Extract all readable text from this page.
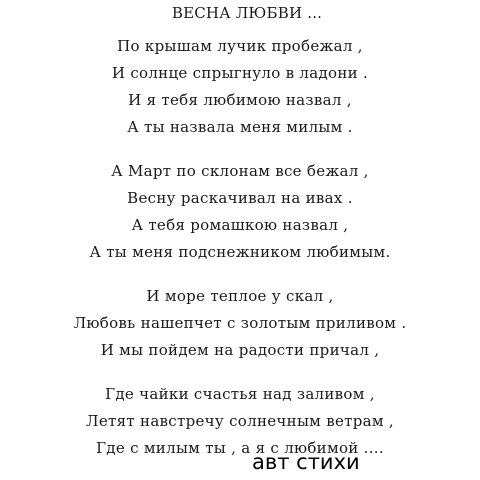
ВЕСНА ЛЮБВИ ...
По крышам лучик пробежал ,
И солнце спрыгнуло в ладони .
И я тебя любимою назвал ,
А ты назвала меня милым .
А Март по склонам все бежал ,
Весну раскачивал на ивах .
А тебя ромашкою назвал ,
А ты меня подснежником любимым.
И море теплое у скал ,
Любовь нашепчет с золотым приливом .
И мы пойдем на радости причал ,
Где чайки счастья над заливом ,
Летят навстречу солнечным ветрам ,
Где с милым ты , а я с любимой ....
авт стихи
